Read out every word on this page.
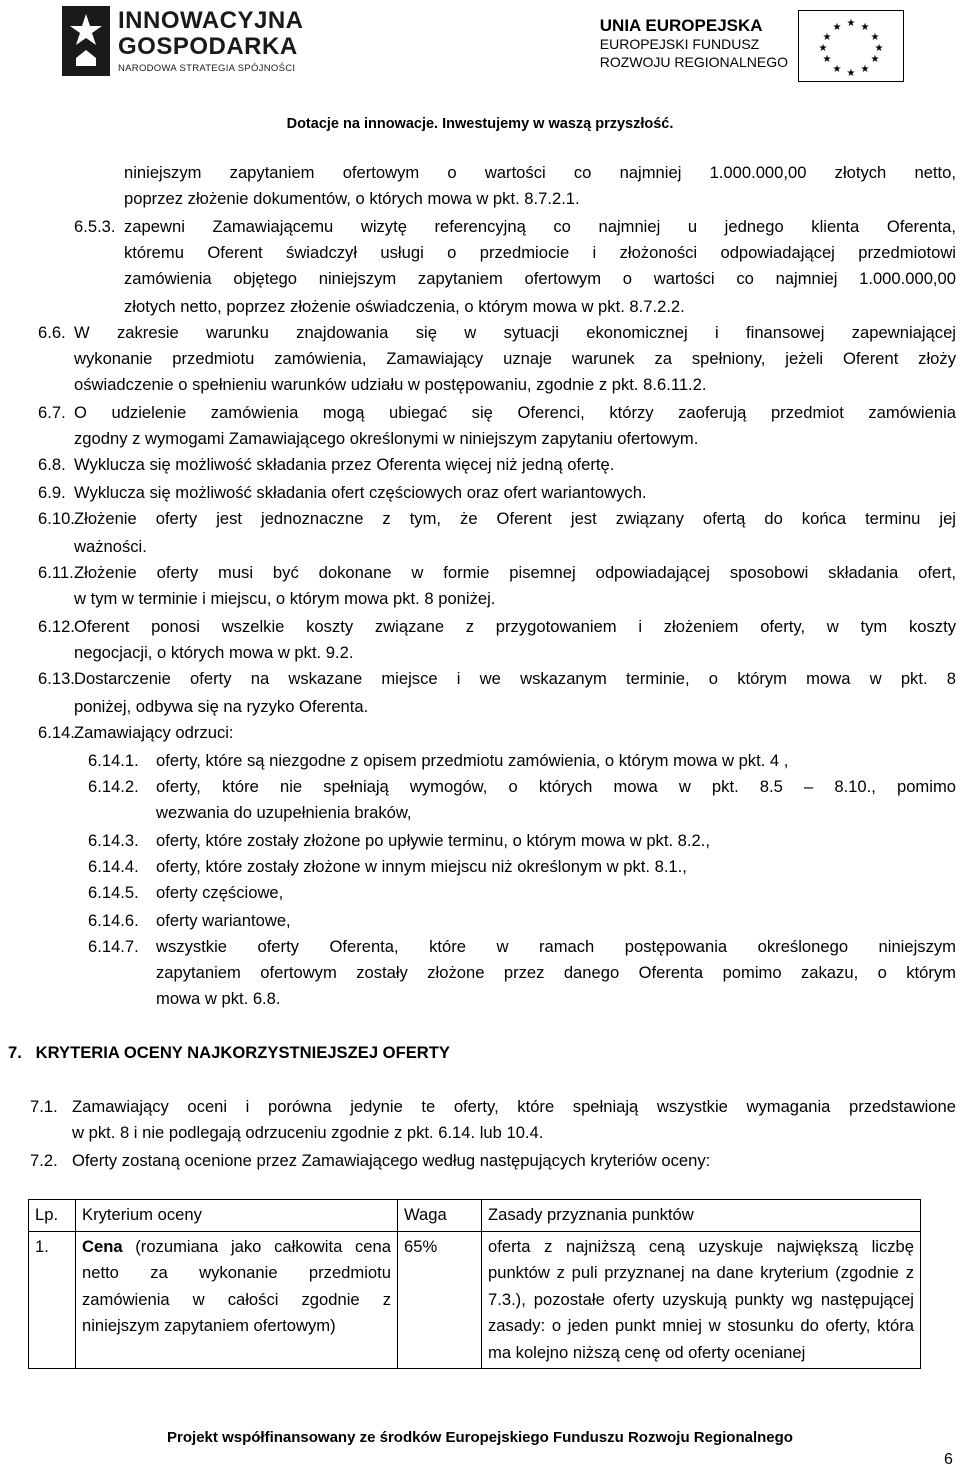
INNOWACYJNA
GOSPODARKA
NARODOWA STRATEGIA SPÓJNOŚCI
UNIA EUROPEJSKA
EUROPEJSKI FUNDUSZ
ROZWOJU REGIONALNEGO
★ ★
★
★
★
★
★
★
★
★
★
★
Dotacje na innowacje. Inwestujemy w waszą przyszłość.
niniejszym zapytaniem ofertowym o wartości co najmniej 1.000.000,00 złotych netto,
poprzez złożenie dokumentów, o których mowa w pkt. 8.7.2.1.
6.5.3. zapewni Zamawiającemu wizytę referencyjną co najmniej u jednego klienta Oferenta,
któremu Oferent świadczył usługi o przedmiocie i złożoności odpowiadającej przedmiotowi
zamówienia objętego niniejszym zapytaniem ofertowym o wartości co najmniej 1.000.000,00
złotych netto, poprzez złożenie oświadczenia, o którym mowa w pkt. 8.7.2.2.
6.6. W zakresie warunku znajdowania się w sytuacji ekonomicznej i finansowej zapewniającej
wykonanie przedmiotu zamówienia, Zamawiający uznaje warunek za spełniony, jeżeli Oferent złoży
oświadczenie o spełnieniu warunków udziału w postępowaniu, zgodnie z pkt. 8.6.11.2.
6.7. O udzielenie zamówienia mogą ubiegać się Oferenci, którzy zaoferują przedmiot zamówienia
zgodny z wymogami Zamawiającego określonymi w niniejszym zapytaniu ofertowym.
6.8. Wyklucza się możliwość składania przez Oferenta więcej niż jedną ofertę.
6.9. Wyklucza się możliwość składania ofert częściowych oraz ofert wariantowych.
6.10. Złożenie oferty jest jednoznaczne z tym, że Oferent jest związany ofertą do końca terminu jej
ważności.
6.11. Złożenie oferty musi być dokonane w formie pisemnej odpowiadającej sposobowi składania ofert,
w tym w terminie i miejscu, o którym mowa pkt. 8 poniżej.
6.12. Oferent ponosi wszelkie koszty związane z przygotowaniem i złożeniem oferty, w tym koszty
negocjacji, o których mowa w pkt. 9.2.
6.13. Dostarczenie oferty na wskazane miejsce i we wskazanym terminie, o którym mowa w pkt. 8
poniżej, odbywa się na ryzyko Oferenta.
6.14. Zamawiający odrzuci:
6.14.1. oferty, które są niezgodne z opisem przedmiotu zamówienia, o którym mowa w pkt. 4 ,
6.14.2. oferty, które nie spełniają wymogów, o których mowa w pkt. 8.5 – 8.10., pomimo
wezwania do uzupełnienia braków,
6.14.3. oferty, które zostały złożone po upływie terminu, o którym mowa w pkt. 8.2.,
6.14.4. oferty, które zostały złożone w innym miejscu niż określonym w pkt. 8.1.,
6.14.5. oferty częściowe,
6.14.6. oferty wariantowe,
6.14.7. wszystkie oferty Oferenta, które w ramach postępowania określonego niniejszym
zapytaniem ofertowym zostały złożone przez danego Oferenta pomimo zakazu, o którym
mowa w pkt. 6.8.
7.   KRYTERIA OCENY NAJKORZYSTNIEJSZEJ OFERTY
7.1. Zamawiający oceni i porówna jedynie te oferty, które spełniają wszystkie wymagania przedstawione
w pkt. 8 i nie podlegają odrzuceniu zgodnie z pkt. 6.14. lub 10.4.
7.2. Oferty zostaną ocenione przez Zamawiającego według następujących kryteriów oceny:
Lp.	Kryterium oceny	Waga	Zasady przyznania punktów
1.	Cena (rozumiana jako całkowita cena netto za wykonanie przedmiotu zamówienia w całości zgodnie z niniejszym zapytaniem ofertowym)	65%	oferta z najniższą ceną uzyskuje największą liczbę punktów z puli przyznanej na dane kryterium (zgodnie z 7.3.), pozostałe oferty uzyskują punkty wg następującej zasady: o jeden punkt mniej w stosunku do oferty, która ma kolejno niższą cenę od oferty ocenianej
Projekt współfinansowany ze środków Europejskiego Funduszu Rozwoju Regionalnego
6
